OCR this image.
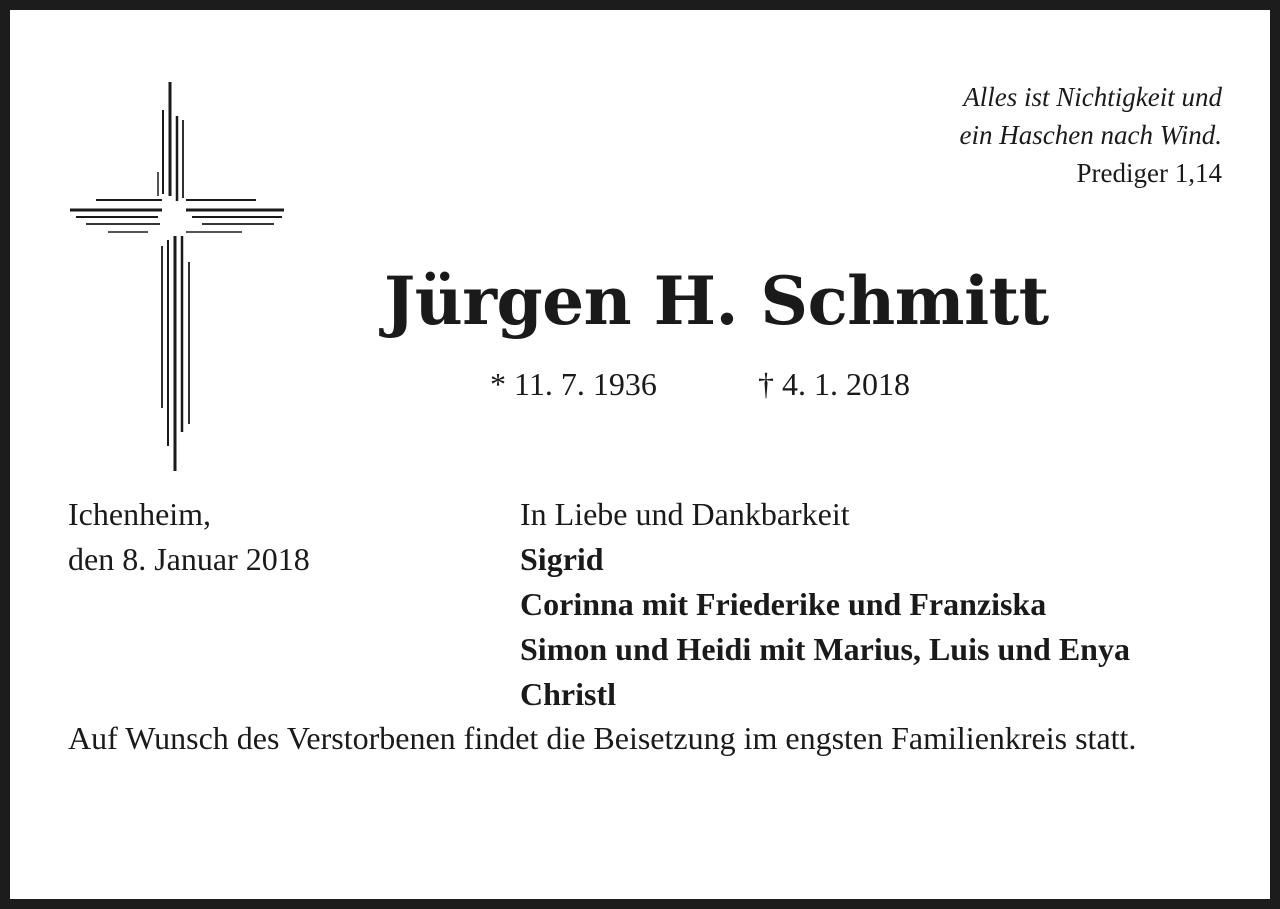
Alles ist Nichtigkeit und
ein Haschen nach Wind.
Prediger 1,14
Jürgen H. Schmitt
* 11. 7. 1936	† 4. 1. 2018
Ichenheim,
den 8. Januar 2018
In Liebe und Dankbarkeit
Sigrid
Corinna mit Friederike und Franziska
Simon und Heidi mit Marius, Luis und Enya
Christl
Auf Wunsch des Verstorbenen findet die Beisetzung im engsten Familienkreis statt.
